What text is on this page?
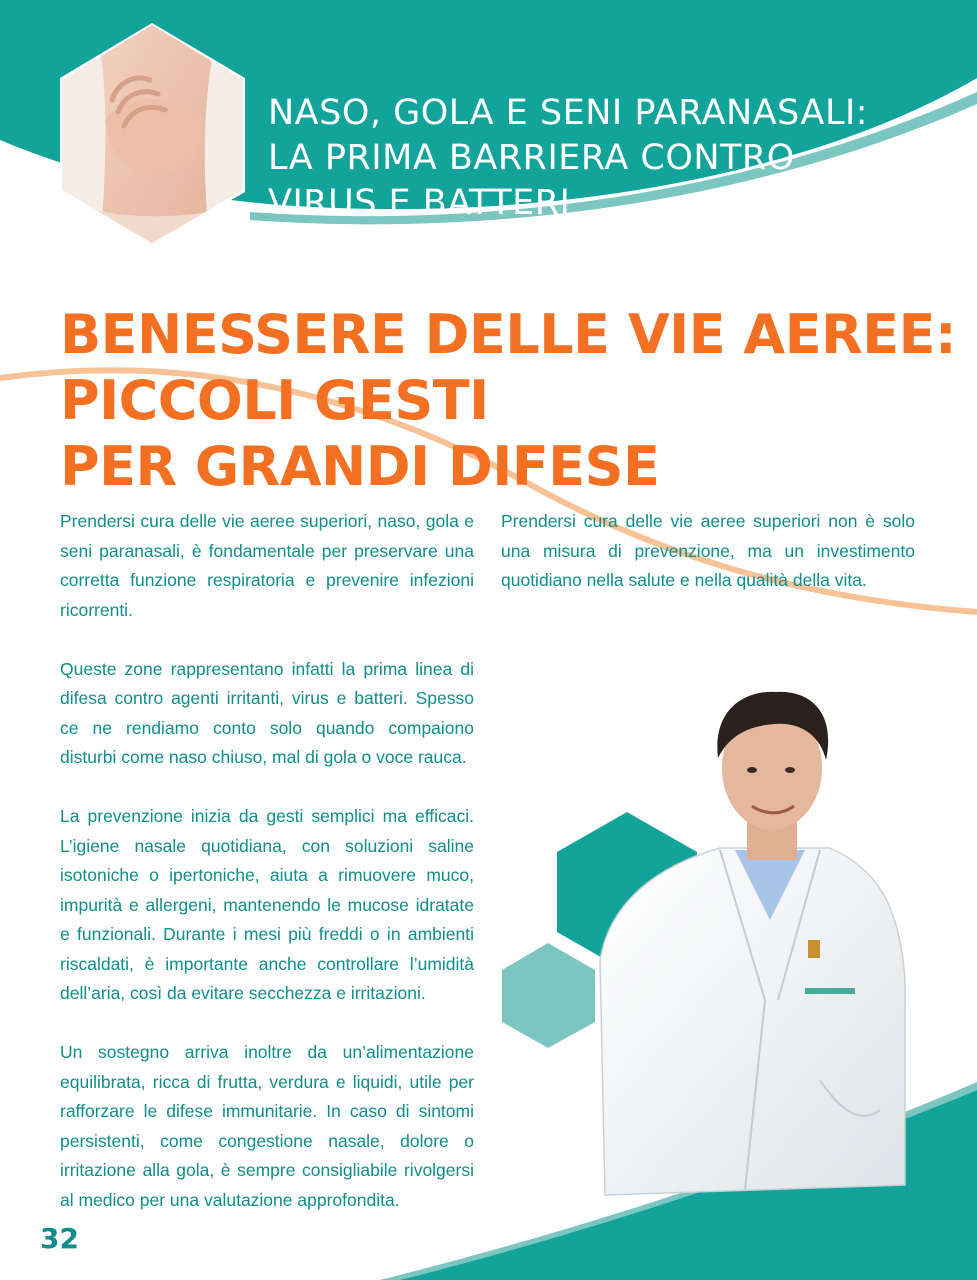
NASO, GOLA E SENI PARANASALI:
LA PRIMA BARRIERA CONTRO
VIRUS E BATTERI
BENESSERE DELLE VIE AEREE:
PICCOLI GESTI
PER GRANDI DIFESE

Prendersi cura delle vie aeree superiori, naso, gola e seni paranasali, è fondamentale per preservare una corretta funzione respiratoria e prevenire infezioni ricorrenti.

Queste zone rappresentano infatti la prima linea di difesa contro agenti irritanti, virus e batteri. Spesso ce ne rendiamo conto solo quando compaiono disturbi come naso chiuso, mal di gola o voce rauca.

La prevenzione inizia da gesti semplici ma efficaci. L’igiene nasale quotidiana, con soluzioni saline isotoniche o ipertoniche, aiuta a rimuovere muco, impurità e allergeni, mantenendo le mucose idratate e funzionali. Durante i mesi più freddi o in ambienti riscaldati, è importante anche controllare l’umidità dell’aria, così da evitare secchezza e irritazioni.

Un sostegno arriva inoltre da un’alimentazione equilibrata, ricca di frutta, verdura e liquidi, utile per rafforzare le difese immunitarie. In caso di sintomi persistenti, come congestione nasale, dolore o irritazione alla gola, è sempre consigliabile rivolgersi al medico per una valutazione approfondita.

Prendersi cura delle vie aeree superiori non è solo una misura di prevenzione, ma un investimento quotidiano nella salute e nella qualità della vita.

32
